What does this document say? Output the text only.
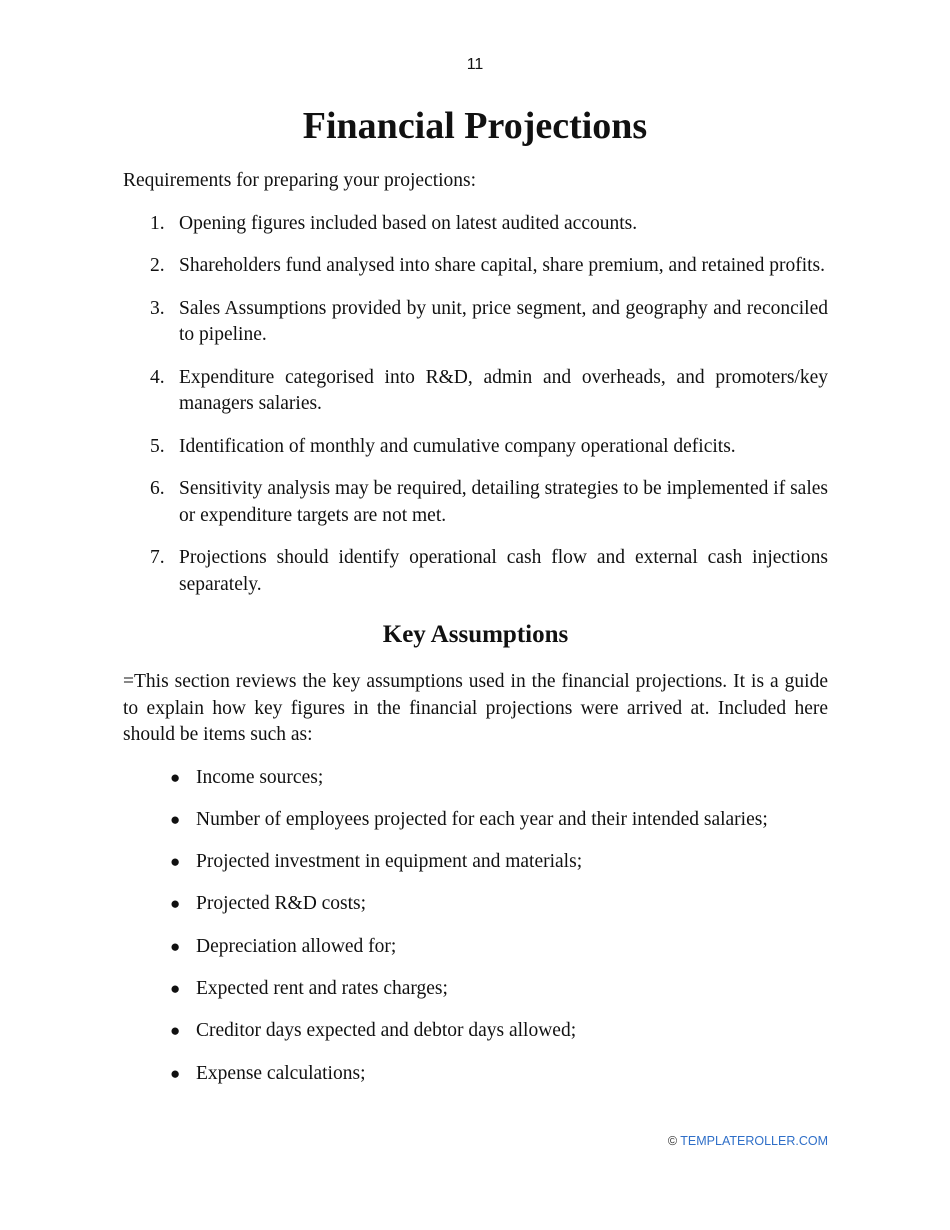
11
Financial Projections

Requirements for preparing your projections:

1. Opening figures included based on latest audited accounts.
2. Shareholders fund analysed into share capital, share premium, and retained profits.
3. Sales Assumptions provided by unit, price segment, and geography and reconciled to pipeline.
4. Expenditure categorised into R&D, admin and overheads, and promoters/key managers salaries.
5. Identification of monthly and cumulative company operational deficits.
6. Sensitivity analysis may be required, detailing strategies to be implemented if sales or expenditure targets are not met.
7. Projections should identify operational cash flow and external cash injections separately.
Key Assumptions

=This section reviews the key assumptions used in the financial projections. It is a guide to explain how key figures in the financial projections were arrived at. Included here should be items such as:

● Income sources;
● Number of employees projected for each year and their intended salaries;
● Projected investment in equipment and materials;
● Projected R&D costs;
● Depreciation allowed for;
● Expected rent and rates charges;
● Creditor days expected and debtor days allowed;
● Expense calculations;
© TEMPLATEROLLER.COM
